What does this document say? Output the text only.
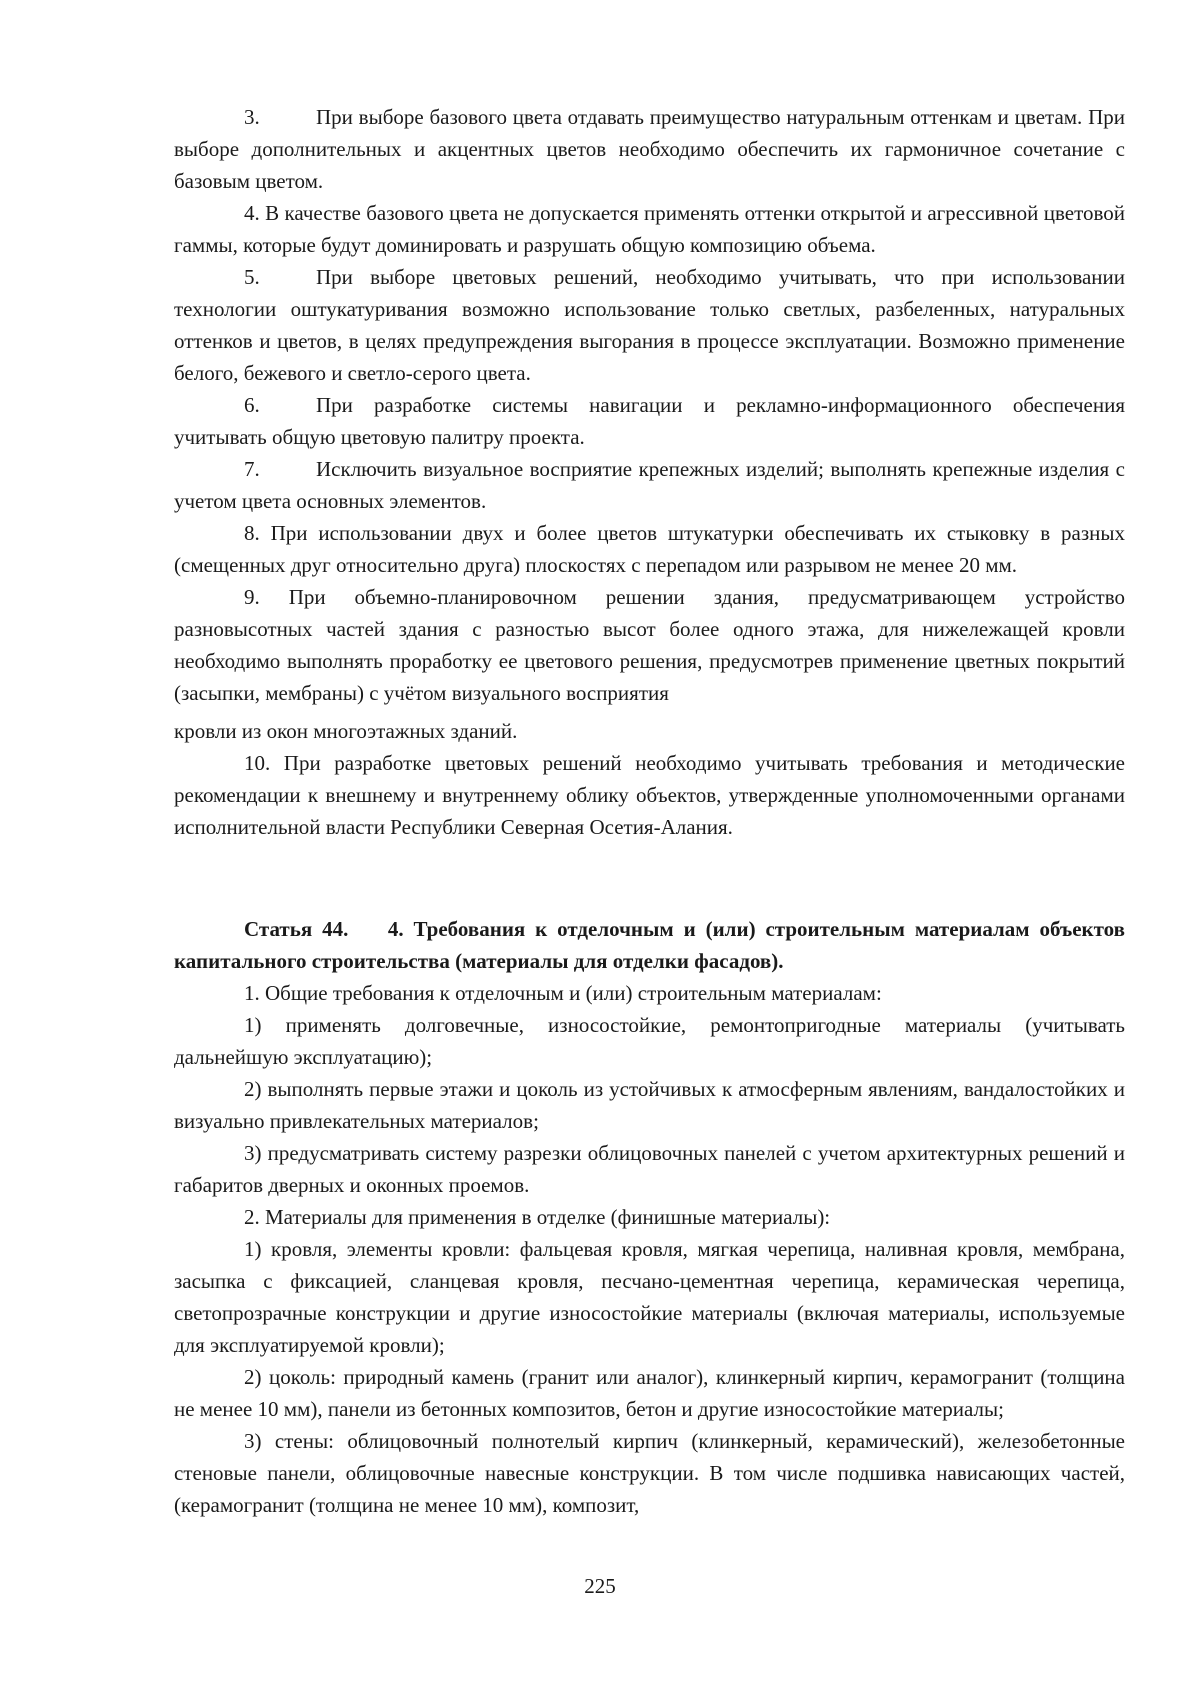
3.	При выборе базового цвета отдавать преимущество натуральным оттенкам и цветам. При выборе дополнительных и акцентных цветов необходимо обеспечить их гармоничное сочетание с базовым цветом.

4. В качестве базового цвета не допускается применять оттенки открытой и агрессивной цветовой гаммы, которые будут доминировать и разрушать общую композицию объема.

5.	При выборе цветовых решений, необходимо учитывать, что при использовании технологии оштукатуривания возможно использование только светлых, разбеленных, натуральных оттенков и цветов, в целях предупреждения выгорания в процессе эксплуатации. Возможно применение белого, бежевого и светло-серого цвета.

6.	При разработке системы навигации и рекламно-информационного обеспечения учитывать общую цветовую палитру проекта.

7.	Исключить визуальное восприятие крепежных изделий; выполнять крепежные изделия с учетом цвета основных элементов.

8. При использовании двух и более цветов штукатурки обеспечивать их стыковку в разных (смещенных друг относительно друга) плоскостях с перепадом или разрывом не менее 20 мм.

9. При объемно-планировочном решении здания, предусматривающем устройство разновысотных частей здания с разностью высот более одного этажа, для нижележащей кровли необходимо выполнять проработку ее цветового решения, предусмотрев применение цветных покрытий (засыпки, мембраны) с учётом визуального восприятия
кровли из окон многоэтажных зданий.

10. При разработке цветовых решений необходимо учитывать требования и методические рекомендации к внешнему и внутреннему облику объектов, утвержденные уполномоченными органами исполнительной власти Республики Северная Осетия-Алания.

Статья 44.    4. Требования к отделочным и (или) строительным материалам объектов капитального строительства (материалы для отделки фасадов).

1. Общие требования к отделочным и (или) строительным материалам:

1) применять долговечные, износостойкие, ремонтопригодные материалы (учитывать дальнейшую эксплуатацию);

2) выполнять первые этажи и цоколь из устойчивых к атмосферным явлениям, вандалостойких и визуально привлекательных материалов;

3) предусматривать систему разрезки облицовочных панелей с учетом архитектурных решений и габаритов дверных и оконных проемов.

2. Материалы для применения в отделке (финишные материалы):

1) кровля, элементы кровли: фальцевая кровля, мягкая черепица, наливная кровля, мембрана, засыпка с фиксацией, сланцевая кровля, песчано-цементная черепица, керамическая черепица, светопрозрачные конструкции и другие износостойкие материалы (включая материалы, используемые для эксплуатируемой кровли);

2) цоколь: природный камень (гранит или аналог), клинкерный кирпич, керамогранит (толщина не менее 10 мм), панели из бетонных композитов, бетон и другие износостойкие материалы;

3) стены: облицовочный полнотелый кирпич (клинкерный, керамический), железобетонные стеновые панели, облицовочные навесные конструкции. В том числе подшивка нависающих частей, (керамогранит (толщина не менее 10 мм), композит,

225
